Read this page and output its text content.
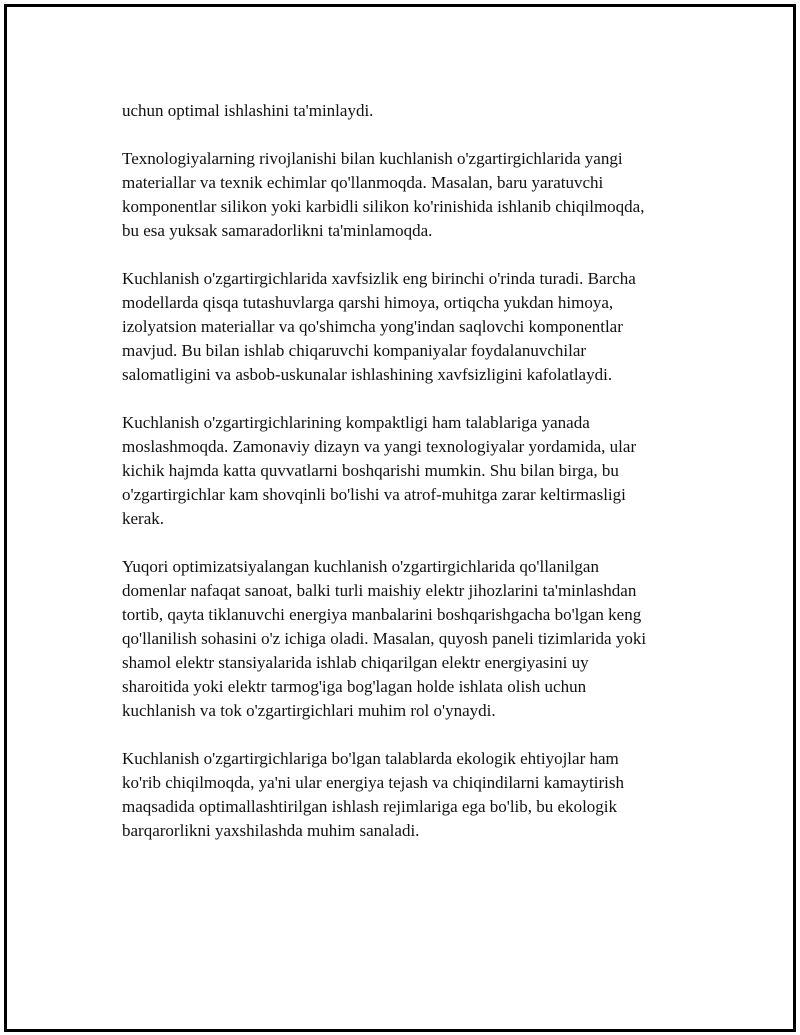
uchun optimal ishlashini ta'minlaydi.

Texnologiyalarning rivojlanishi bilan kuchlanish o'zgartirgichlarida yangi
materiallar va texnik echimlar qo'llanmoqda. Masalan, baru yaratuvchi
komponentlar silikon yoki karbidli silikon ko'rinishida ishlanib chiqilmoqda,
bu esa yuksak samaradorlikni ta'minlamoqda.

Kuchlanish o'zgartirgichlarida xavfsizlik eng birinchi o'rinda turadi. Barcha
modellarda qisqa tutashuvlarga qarshi himoya, ortiqcha yukdan himoya,
izolyatsion materiallar va qo'shimcha yong'indan saqlovchi komponentlar
mavjud. Bu bilan ishlab chiqaruvchi kompaniyalar foydalanuvchilar
salomatligini va asbob-uskunalar ishlashining xavfsizligini kafolatlaydi.

Kuchlanish o'zgartirgichlarining kompaktligi ham talablariga yanada
moslashmoqda. Zamonaviy dizayn va yangi texnologiyalar yordamida, ular
kichik hajmda katta quvvatlarni boshqarishi mumkin. Shu bilan birga, bu
o'zgartirgichlar kam shovqinli bo'lishi va atrof-muhitga zarar keltirmasligi
kerak.

Yuqori optimizatsiyalangan kuchlanish o'zgartirgichlarida qo'llanilgan
domenlar nafaqat sanoat, balki turli maishiy elektr jihozlarini ta'minlashdan
tortib, qayta tiklanuvchi energiya manbalarini boshqarishgacha bo'lgan keng
qo'llanilish sohasini o'z ichiga oladi. Masalan, quyosh paneli tizimlarida yoki
shamol elektr stansiyalarida ishlab chiqarilgan elektr energiyasini uy
sharoitida yoki elektr tarmog'iga bog'lagan holde ishlata olish uchun
kuchlanish va tok o'zgartirgichlari muhim rol o'ynaydi.

Kuchlanish o'zgartirgichlariga bo'lgan talablarda ekologik ehtiyojlar ham
ko'rib chiqilmoqda, ya'ni ular energiya tejash va chiqindilarni kamaytirish
maqsadida optimallashtirilgan ishlash rejimlariga ega bo'lib, bu ekologik
barqarorlikni yaxshilashda muhim sanaladi.
